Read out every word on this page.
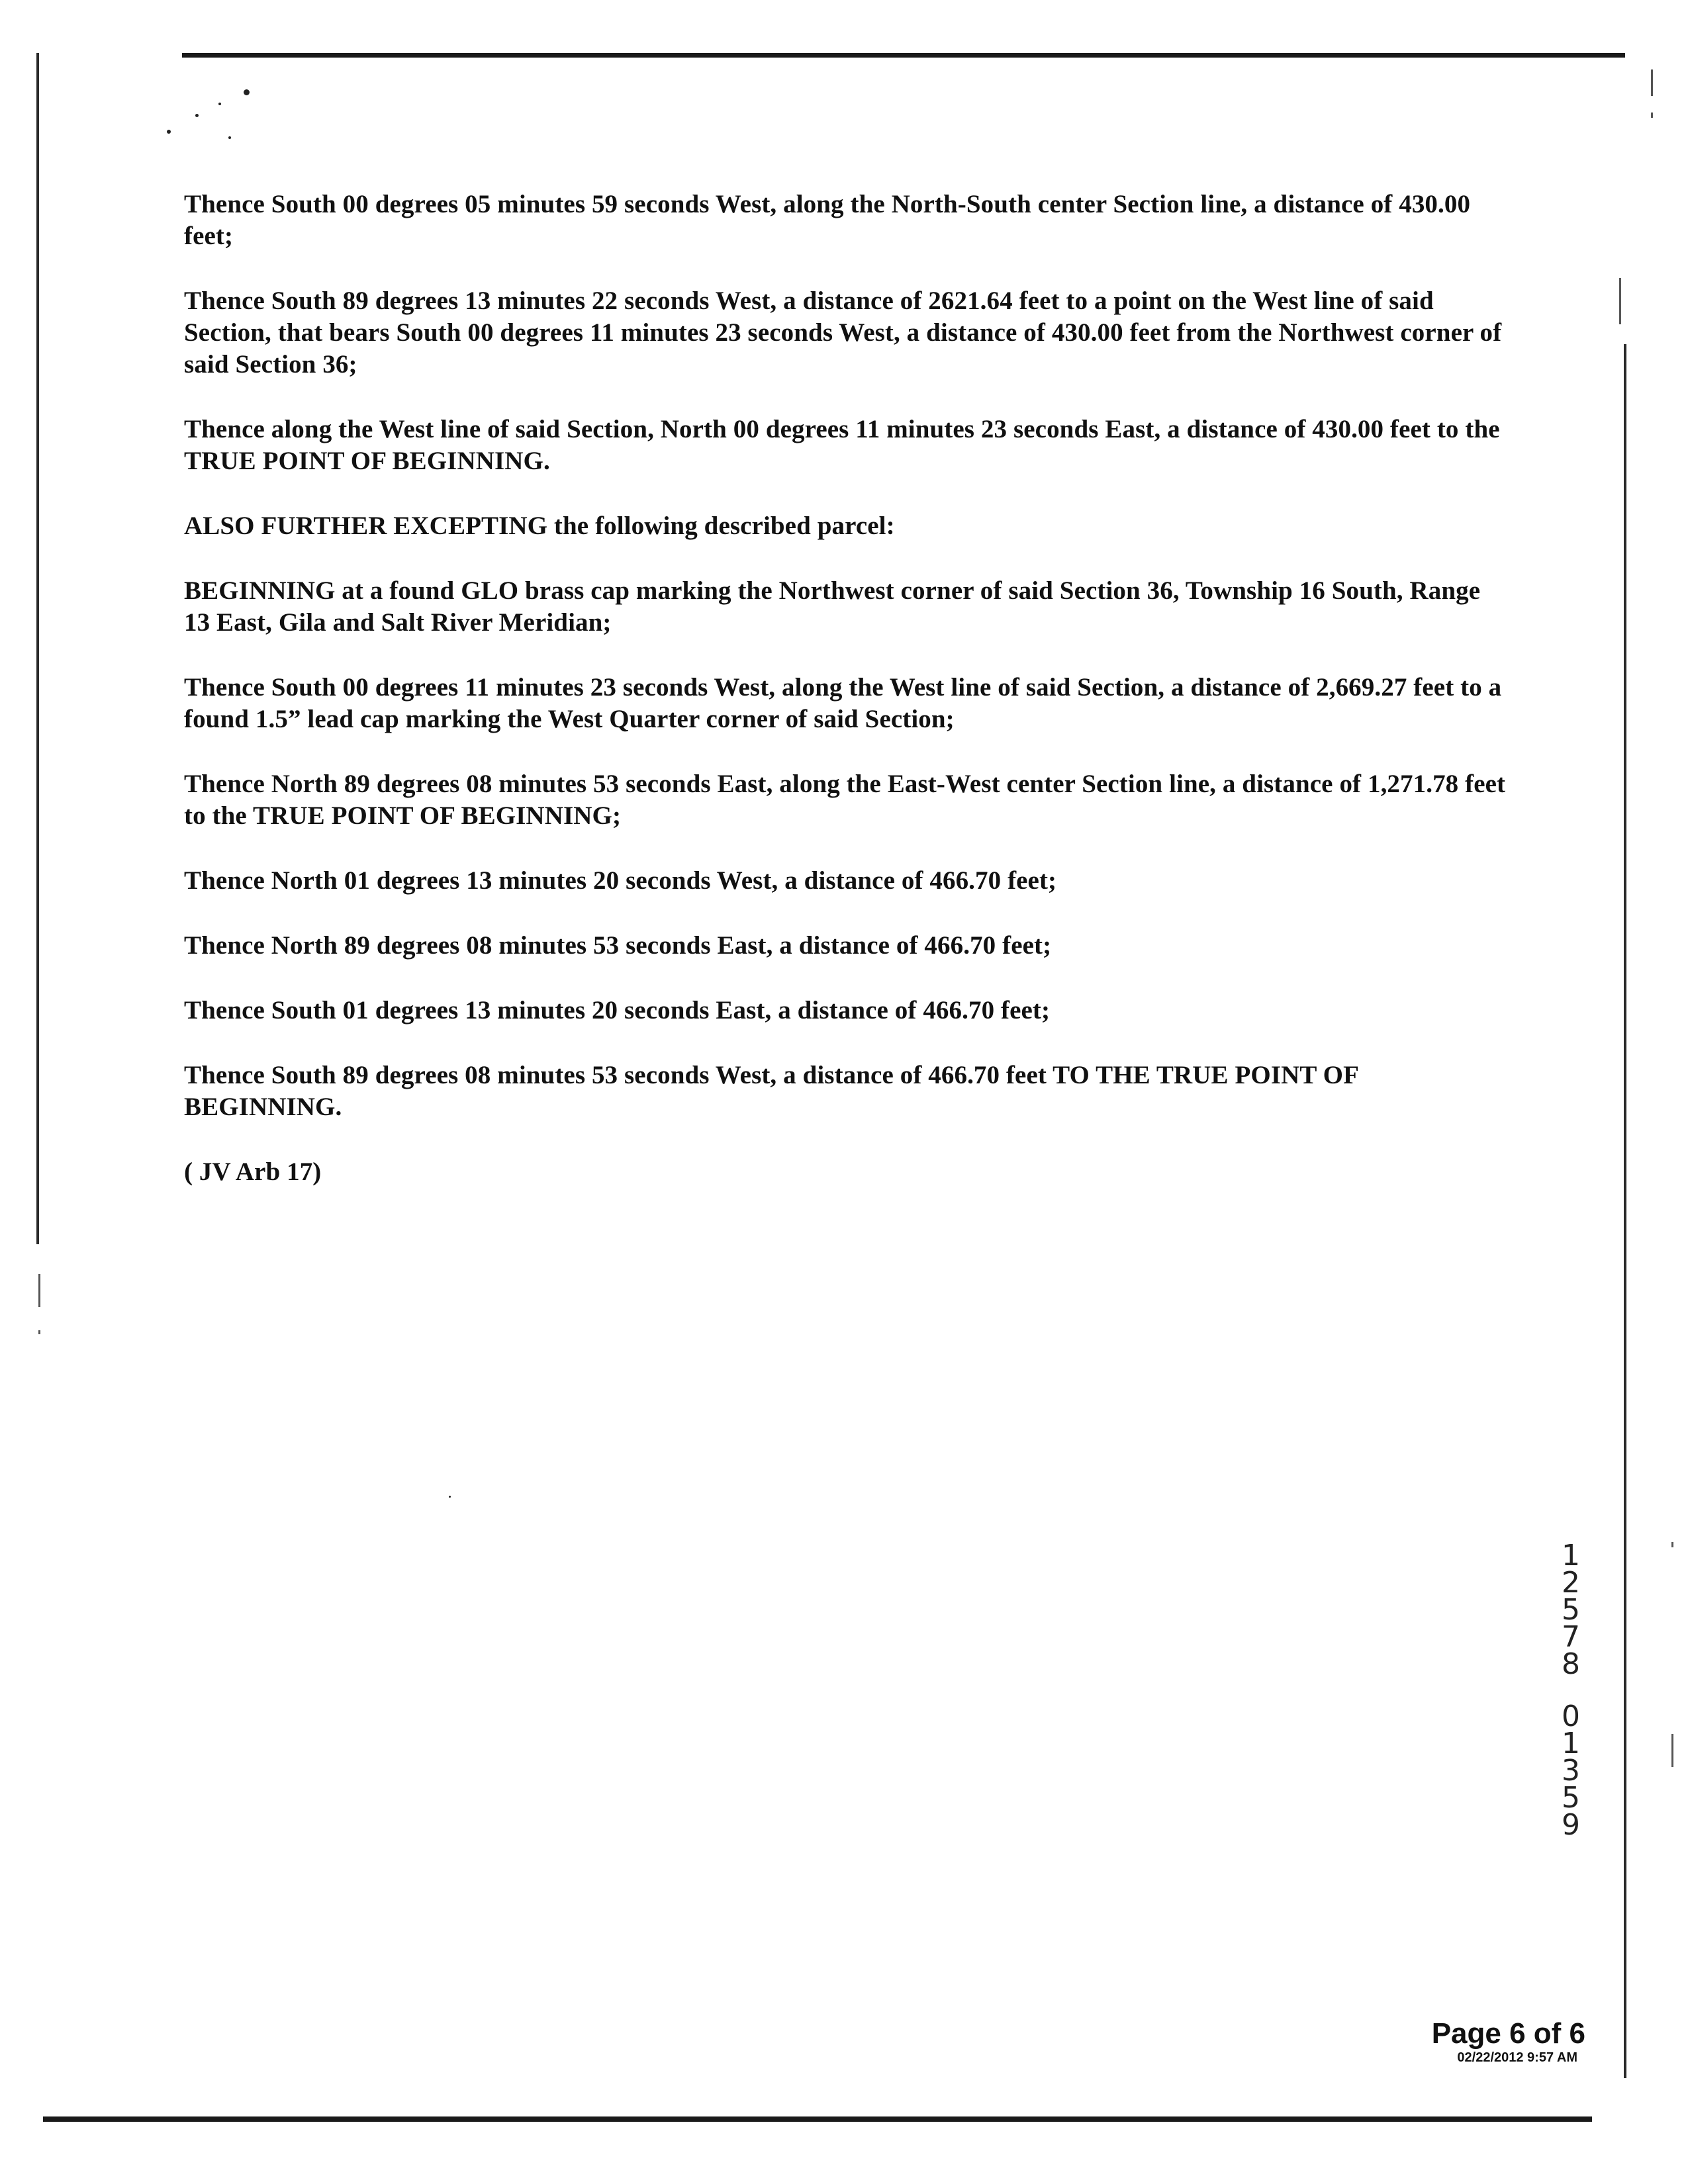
Thence South 00 degrees 05 minutes 59 seconds West, along the North-South center Section line, a distance of 430.00 feet;

Thence South 89 degrees 13 minutes 22 seconds West, a distance of 2621.64 feet to a point on the West line of said Section, that bears South 00 degrees 11 minutes 23 seconds West, a distance of 430.00 feet from the Northwest corner of said Section 36;

Thence along the West line of said Section, North 00 degrees 11 minutes 23 seconds East, a distance of 430.00 feet to the TRUE POINT OF BEGINNING.

ALSO FURTHER EXCEPTING the following described parcel:

BEGINNING at a found GLO brass cap marking the Northwest corner of said Section 36, Township 16 South, Range 13 East, Gila and Salt River Meridian;

Thence South 00 degrees 11 minutes 23 seconds West, along the West line of said Section, a distance of 2,669.27 feet to a found 1.5” lead cap marking the West Quarter corner of said Section;

Thence North 89 degrees 08 minutes 53 seconds East, along the East-West center Section line, a distance of 1,271.78 feet to the TRUE POINT OF BEGINNING;

Thence North 01 degrees 13 minutes 20 seconds West, a distance of 466.70 feet;

Thence North 89 degrees 08 minutes 53 seconds East, a distance of 466.70 feet;

Thence South 01 degrees 13 minutes 20 seconds East, a distance of 466.70 feet;

Thence South 89 degrees 08 minutes 53 seconds West, a distance of 466.70 feet TO THE TRUE POINT OF BEGINNING.

( JV Arb 17)

1
2
5
7
8
0
1
3
5
9
Page 6 of 6
02/22/2012 9:57 AM
